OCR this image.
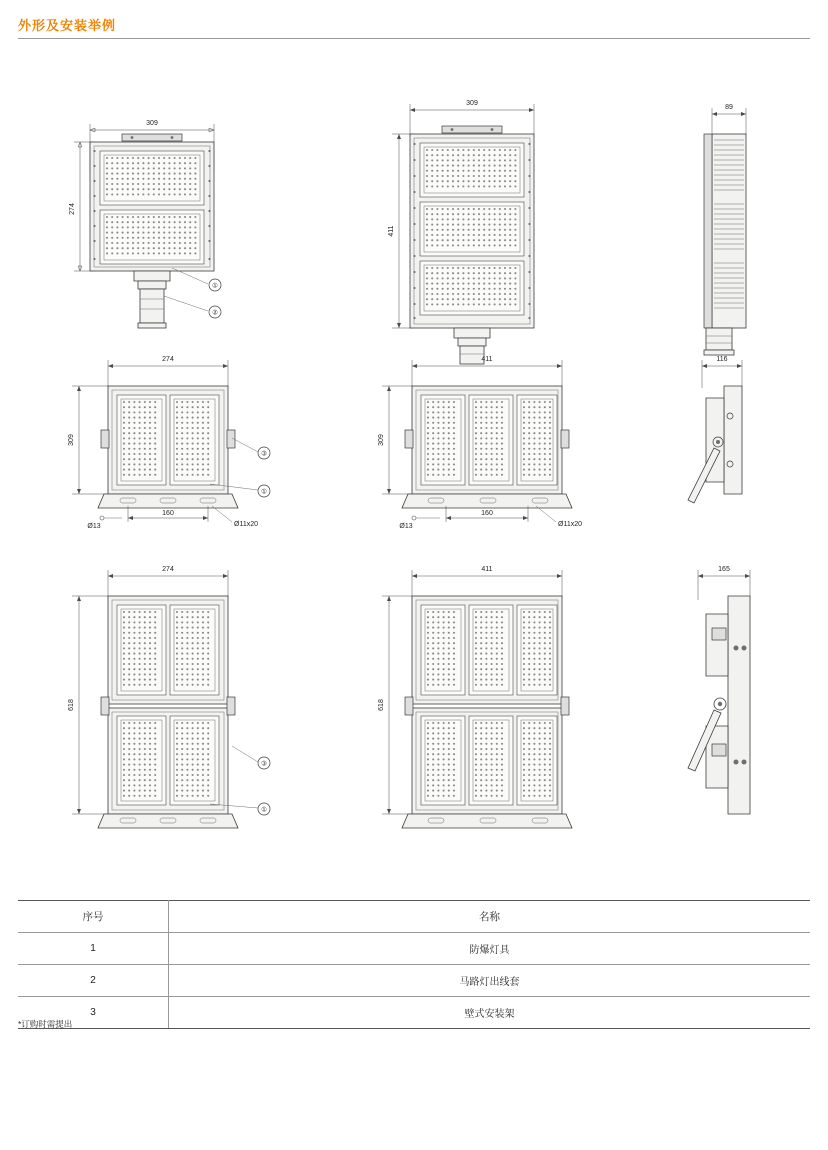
外形及安装举例
309
274
①
②
309
411
89
274
309
160
Ø13	Ø11x20
③
①
411
309
160
Ø13	Ø11x20
116
274
618
③
①
411
618
165
序号	名称
1	防爆灯具
2	马路灯出线套
3	壁式安装架
*订购时需提出
